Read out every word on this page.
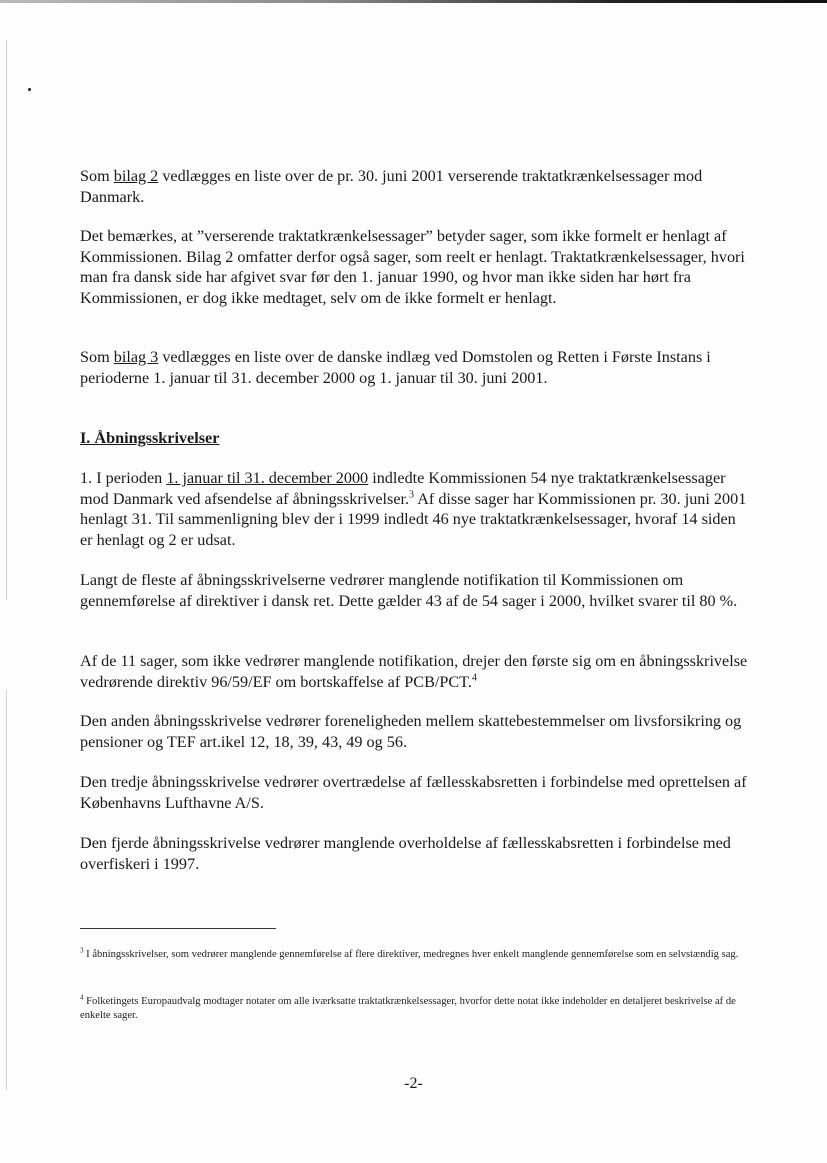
Som bilag 2 vedlægges en liste over de pr. 30. juni 2001 verserende traktatkrænkelsessager mod Danmark.

Det bemærkes, at ”verserende traktatkrænkelsessager” betyder sager, som ikke formelt er henlagt af Kommissionen. Bilag 2 omfatter derfor også sager, som reelt er henlagt. Traktatkrænkelsessager, hvori man fra dansk side har afgivet svar før den 1. januar 1990, og hvor man ikke siden har hørt fra Kommissionen, er dog ikke medtaget, selv om de ikke formelt er henlagt.

Som bilag 3 vedlægges en liste over de danske indlæg ved Domstolen og Retten i Første Instans i perioderne 1. januar til 31. december 2000 og 1. januar til 30. juni 2001.

I. Åbningsskrivelser

1. I perioden 1. januar til 31. december 2000 indledte Kommissionen 54 nye traktatkrænkelsessager mod Danmark ved afsendelse af åbningsskrivelser.$^3$ Af disse sager har Kommissionen pr. 30. juni 2001 henlagt 31. Til sammenligning blev der i 1999 indledt 46 nye traktatkrænkelsessager, hvoraf 14 siden er henlagt og 2 er udsat.

Langt de fleste af åbningsskrivelserne vedrører manglende notifikation til Kommissionen om gennemførelse af direktiver i dansk ret. Dette gælder 43 af de 54 sager i 2000, hvilket svarer til 80 %.

Af de 11 sager, som ikke vedrører manglende notifikation, drejer den første sig om en åbningsskrivelse vedrørende direktiv 96/59/EF om bortskaffelse af PCB/PCT.$^4$

Den anden åbningsskrivelse vedrører foreneligheden mellem skattebestemmelser om livsforsikring og pensioner og TEF art.ikel 12, 18, 39, 43, 49 og 56.

Den tredje åbningsskrivelse vedrører overtrædelse af fællesskabsretten i forbindelse med oprettelsen af Københavns Lufthavne A/S.

Den fjerde åbningsskrivelse vedrører manglende overholdelse af fællesskabsretten i forbindelse med overfiskeri i 1997.

$^3$ I åbningsskrivelser, som vedrører manglende gennemførelse af flere direktiver, medregnes hver enkelt manglende gennemførelse som en selvstændig sag.
$^4$ Folketingets Europaudvalg modtager notater om alle iværksatte traktatkrænkelsessager, hvorfor dette notat ikke indeholder en detaljeret beskrivelse af de enkelte sager.
-2-
